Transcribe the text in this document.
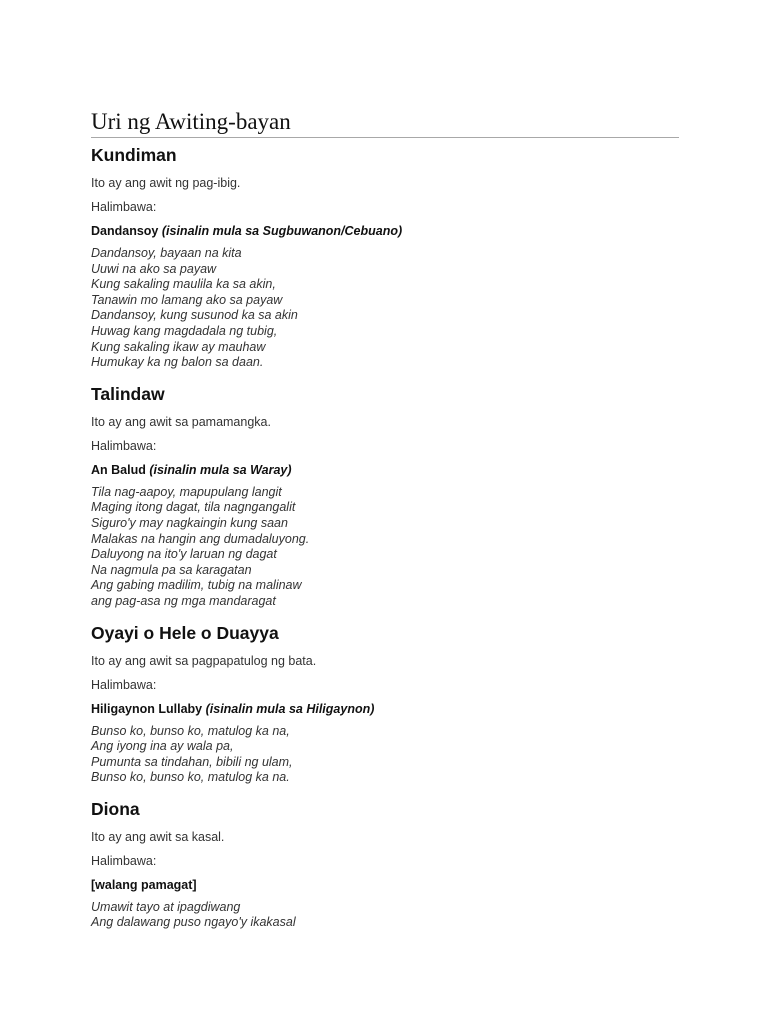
Uri ng Awiting-bayan
Kundiman

Ito ay ang awit ng pag-ibig.

Halimbawa:

Dandansoy (isinalin mula sa Sugbuwanon/Cebuano)

Dandansoy, bayaan na kita
Uuwi na ako sa payaw
Kung sakaling maulila ka sa akin,
Tanawin mo lamang ako sa payaw
Dandansoy, kung susunod ka sa akin
Huwag kang magdadala ng tubig,
Kung sakaling ikaw ay mauhaw
Humukay ka ng balon sa daan.
Talindaw

Ito ay ang awit sa pamamangka.

Halimbawa:

An Balud (isinalin mula sa Waray)

Tila nag-aapoy, mapupulang langit
Maging itong dagat, tila nagngangalit
Siguro'y may nagkaingin kung saan
Malakas na hangin ang dumadaluyong.
Daluyong na ito'y laruan ng dagat
Na nagmula pa sa karagatan
Ang gabing madilim, tubig na malinaw
ang pag-asa ng mga mandaragat
Oyayi o Hele o Duayya

Ito ay ang awit sa pagpapatulog ng bata.

Halimbawa:

Hiligaynon Lullaby (isinalin mula sa Hiligaynon)

Bunso ko, bunso ko, matulog ka na,
Ang iyong ina ay wala pa,
Pumunta sa tindahan, bibili ng ulam,
Bunso ko, bunso ko, matulog ka na.
Diona

Ito ay ang awit sa kasal.

Halimbawa:

[walang pamagat]

Umawit tayo at ipagdiwang
Ang dalawang puso ngayo'y ikakasal
